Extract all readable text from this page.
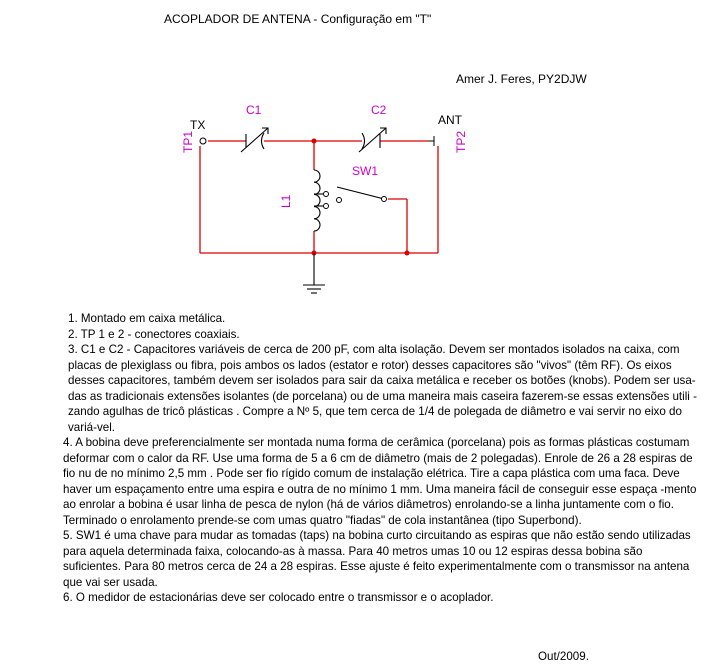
ACOPLADOR DE ANTENA - Configuração em "T"
Amer J. Feres, PY2DJW
TX	ANT
C1	C2
SW1
TP1	TP2
L1

1. Montado em caixa metálica.

2. TP 1 e 2 - conectores coaxiais.

3. C1 e C2 - Capacitores variáveis de cerca de 200 pF, com alta isolação. Devem ser montados isolados na caixa, com placas de plexiglass ou fibra, pois ambos os lados (estator e rotor) desses capacitores são "vivos" (têm RF). Os eixos desses capacitores, também devem ser isolados para sair da caixa metálica e receber os botões (knobs). Podem ser usa-das as tradicionais extensões isolantes (de porcelana) ou de uma maneira mais caseira fazerem-se essas extensões utili -zando agulhas de tricô plásticas . Compre a Nº 5, que tem cerca de 1/4 de polegada de diâmetro e vai servir no eixo do variá-vel.

4. A bobina deve preferencialmente ser montada numa forma de cerâmica (porcelana) pois as formas plásticas costumam deformar com o calor da RF. Use uma forma de 5 a 6 cm de diâmetro (mais de 2 polegadas). Enrole de 26 a 28 espiras de fio nu de no mínimo 2,5 mm . Pode ser fio rígido comum de instalação elétrica. Tire a capa plástica com uma faca. Deve haver um espaçamento entre uma espira e outra de no mínimo 1 mm. Uma maneira fácil de conseguir esse espaça -mento ao enrolar a bobina é usar linha de pesca de nylon (há de vários diâmetros) enrolando-se a linha juntamente com o fio. Terminado o enrolamento prende-se com umas quatro "fiadas" de cola instantânea (tipo Superbond).

5. SW1 é uma chave para mudar as tomadas (taps) na bobina curto circuitando as espiras que não estão sendo utilizadas para aquela determinada faixa, colocando-as à massa. Para 40 metros umas 10 ou 12 espiras dessa bobina são suficientes. Para 80 metros cerca de 24 a 28 espiras. Esse ajuste é feito experimentalmente com o transmissor na antena que vai ser usada.

6. O medidor de estacionárias deve ser colocado entre o transmissor e o acoplador.

Out/2009.
